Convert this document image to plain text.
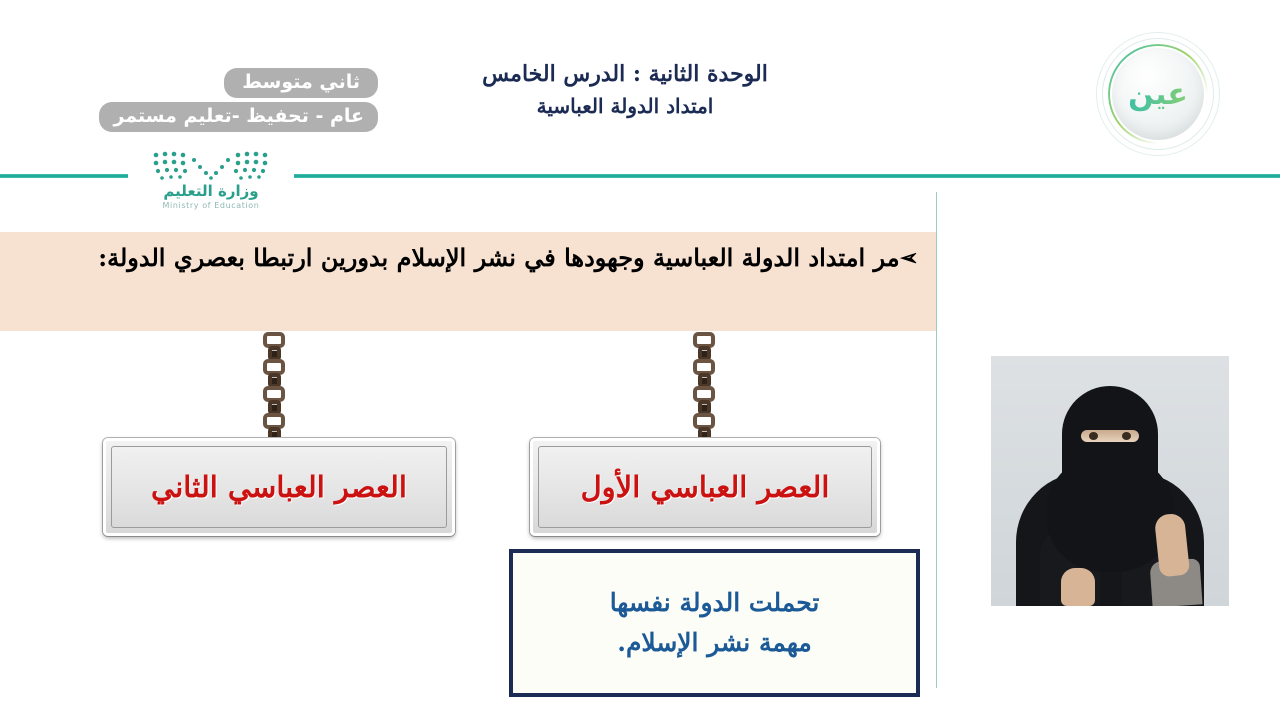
ثاني متوسط
عام - تحفيظ -تعليم مستمر
الوحدة الثانية : الدرس الخامس
امتداد الدولة العباسية	عين
وزارة التعليم
Ministry of Education
➢مر امتداد الدولة العباسية وجهودها في نشر الإسلام بدورين ارتبطا بعصري الدولة:
العصر العباسي الثاني	العصر العباسي الأول
تحملت الدولة نفسها
مهمة نشر الإسلام.
